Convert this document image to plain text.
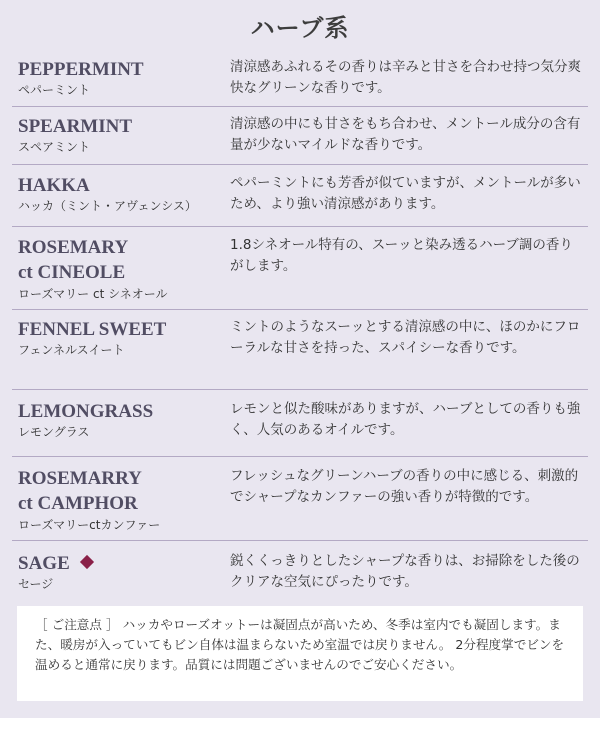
ハーブ系
PEPPERMINT
ペパーミント
清涼感あふれるその香りは辛みと甘さを合わせ持つ気分爽快なグリーンな香りです。
SPEARMINT
スペアミント
清涼感の中にも甘さをもち合わせ、メントール成分の含有量が少ないマイルドな香りです。
HAKKA
ハッカ（ミント・アヴェンシス）
ペパーミントにも芳香が似ていますが、メントールが多いため、より強い清涼感があります。
ROSEMARY
ct CINEOLE
ローズマリー ct シネオール
1.8シネオール特有の、スーッと染み透るハーブ調の香りがします。
FENNEL SWEET
フェンネルスイート
ミントのようなスーッとする清涼感の中に、ほのかにフローラルな甘さを持った、スパイシーな香りです。
LEMONGRASS
レモングラス
レモンと似た酸味がありますが、ハーブとしての香りも強く、人気のあるオイルです。
ROSEMARRY
ct CAMPHOR
ローズマリーctカンファー
フレッシュなグリーンハーブの香りの中に感じる、刺激的でシャープなカンファーの強い香りが特徴的です。
SAGE
セージ
鋭くくっきりとしたシャープな香りは、お掃除をした後のクリアな空気にぴったりです。
［ ご注意点 ］ ハッカやローズオットーは凝固点が高いため、冬季は室内でも凝固します。また、暖房が入っていてもビン自体は温まらないため室温では戻りません。 2分程度掌でビンを温めると通常に戻ります。品質には問題ございませんのでご安心ください。
